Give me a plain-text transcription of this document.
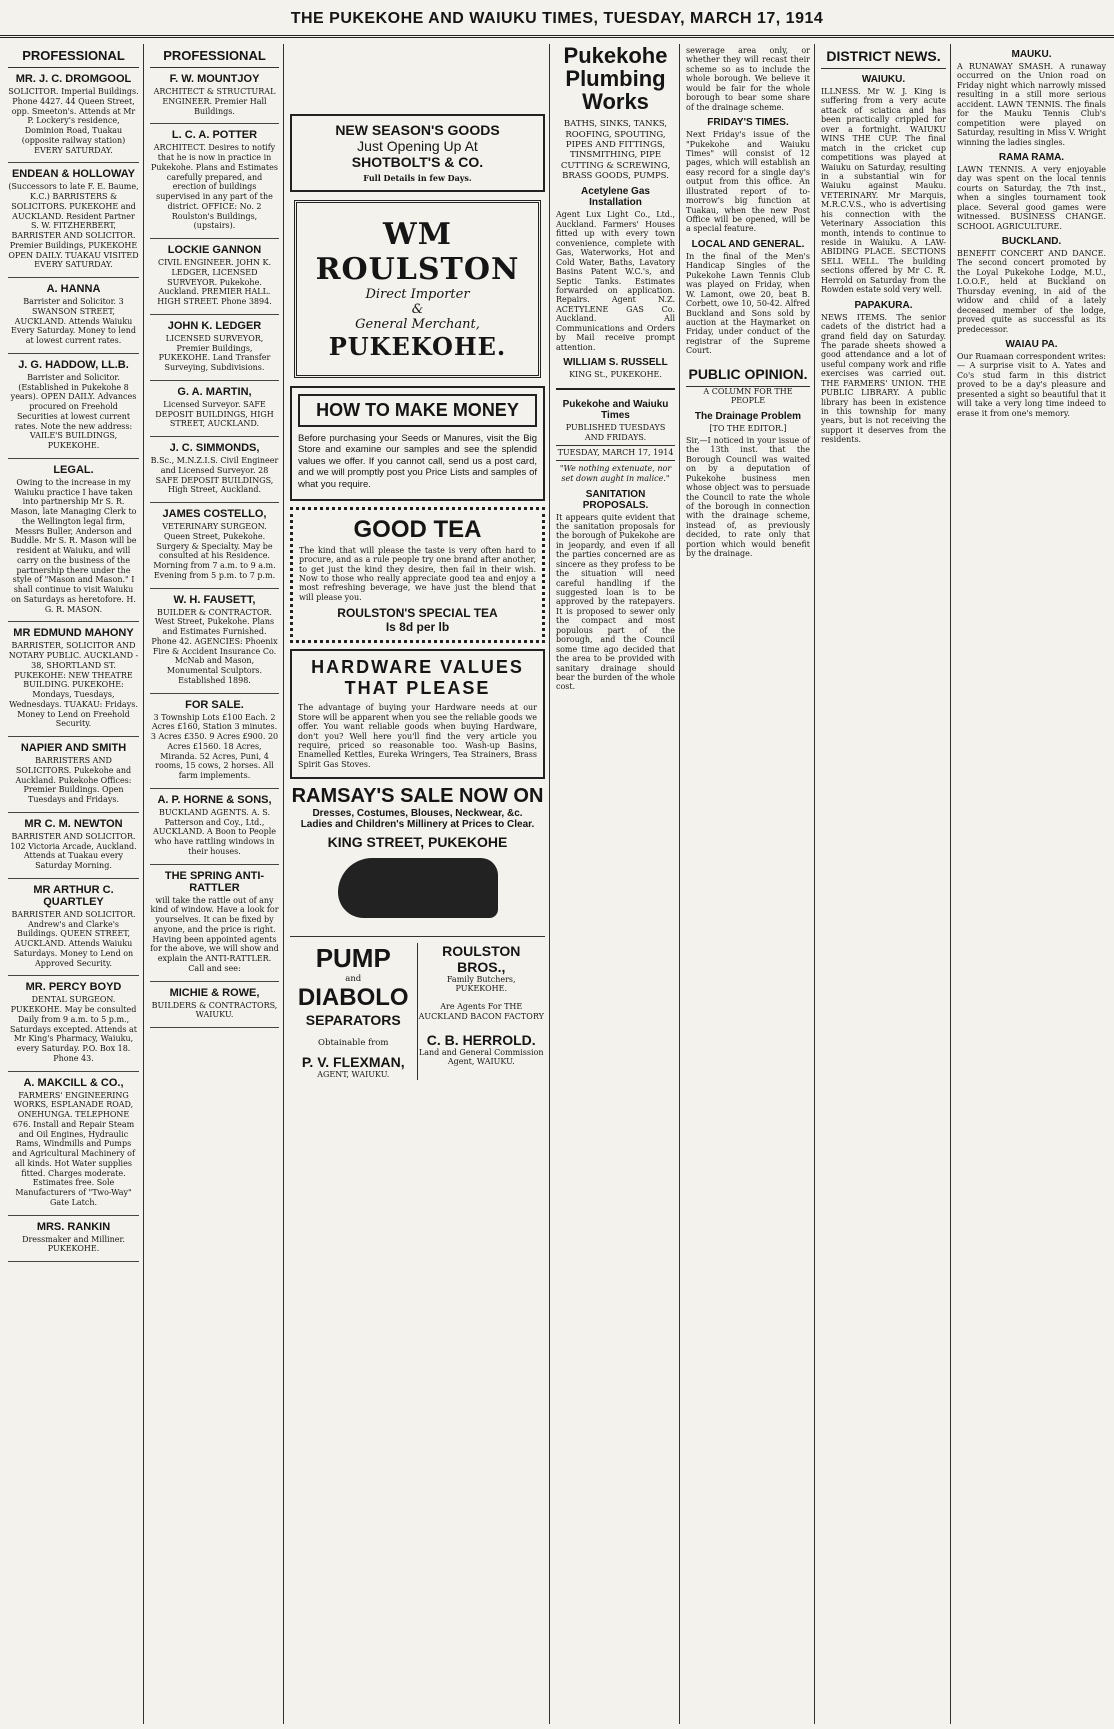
THE PUKEKOHE AND WAIUKU TIMES, TUESDAY, MARCH 17, 1914
PROFESSIONAL
MR. J. C. DROMGOOL

SOLICITOR. Imperial Buildings. Phone 4427. 44 Queen Street, opp. Smeeton's. Attends at Mr P. Lockery's residence, Dominion Road, Tuakau (opposite railway station) EVERY SATURDAY.

ENDEAN & HOLLOWAY

(Successors to late F. E. Baume, K.C.) BARRISTERS & SOLICITORS. PUKEKOHE and AUCKLAND. Resident Partner S. W. FITZHERBERT, BARRISTER AND SOLICITOR. Premier Buildings, PUKEKOHE OPEN DAILY. TUAKAU VISITED EVERY SATURDAY.

A. HANNA

Barrister and Solicitor. 3 SWANSON STREET, AUCKLAND. Attends Waiuku Every Saturday. Money to lend at lowest current rates.

J. G. HADDOW, LL.B.

Barrister and Solicitor. (Established in Pukekohe 8 years). OPEN DAILY. Advances procured on Freehold Securities at lowest current rates. Note the new address: VAILE'S BUILDINGS, PUKEKOHE.

LEGAL.

Owing to the increase in my Waiuku practice I have taken into partnership Mr S. R. Mason, late Managing Clerk to the Wellington legal firm, Messrs Buller, Anderson and Buddle. Mr S. R. Mason will be resident at Waiuku, and will carry on the business of the partnership there under the style of "Mason and Mason." I shall continue to visit Waiuku on Saturdays as heretofore. H. G. R. MASON.

MR EDMUND MAHONY

BARRISTER, SOLICITOR AND NOTARY PUBLIC. AUCKLAND - 38, SHORTLAND ST. PUKEKOHE: NEW THEATRE BUILDING. PUKEKOHE: Mondays, Tuesdays, Wednesdays. TUAKAU: Fridays. Money to Lend on Freehold Security.

NAPIER AND SMITH

BARRISTERS AND SOLICITORS. Pukekohe and Auckland. Pukekohe Offices: Premier Buildings. Open Tuesdays and Fridays.

MR C. M. NEWTON

BARRISTER AND SOLICITOR. 102 Victoria Arcade, Auckland. Attends at Tuakau every Saturday Morning.

MR ARTHUR C. QUARTLEY

BARRISTER AND SOLICITOR. Andrew's and Clarke's Buildings. QUEEN STREET, AUCKLAND. Attends Waiuku Saturdays. Money to Lend on Approved Security.

MR. PERCY BOYD

DENTAL SURGEON. PUKEKOHE. May be consulted Daily from 9 a.m. to 5 p.m., Saturdays excepted. Attends at Mr King's Pharmacy, Waiuku, every Saturday. P.O. Box 18. Phone 43.

A. MAKCILL & CO.,

FARMERS' ENGINEERING WORKS, ESPLANADE ROAD, ONEHUNGA. TELEPHONE 676. Install and Repair Steam and Oil Engines, Hydraulic Rams, Windmills and Pumps and Agricultural Machinery of all kinds. Hot Water supplies fitted. Charges moderate. Estimates free. Sole Manufacturers of "Two-Way" Gate Latch.

MRS. RANKIN

Dressmaker and Milliner. PUKEKOHE.

PROFESSIONAL
F. W. MOUNTJOY

ARCHITECT & STRUCTURAL ENGINEER. Premier Hall Buildings.

L. C. A. POTTER

ARCHITECT. Desires to notify that he is now in practice in Pukekohe. Plans and Estimates carefully prepared, and erection of buildings supervised in any part of the district. OFFICE: No. 2 Roulston's Buildings, (upstairs).

LOCKIE GANNON

CIVIL ENGINEER. JOHN K. LEDGER, LICENSED SURVEYOR. Pukekohe. Auckland. PREMIER HALL. HIGH STREET. Phone 3894.

JOHN K. LEDGER

LICENSED SURVEYOR, Premier Buildings, PUKEKOHE. Land Transfer Surveying, Subdivisions.

G. A. MARTIN,

Licensed Surveyor. SAFE DEPOSIT BUILDINGS, HIGH STREET, AUCKLAND.

J. C. SIMMONDS,

B.Sc., M.N.Z.I.S. Civil Engineer and Licensed Surveyor. 28 SAFE DEPOSIT BUILDINGS, High Street, Auckland.

JAMES COSTELLO,

VETERINARY SURGEON. Queen Street, Pukekohe. Surgery & Specialty. May be consulted at his Residence. Morning from 7 a.m. to 9 a.m. Evening from 5 p.m. to 7 p.m.

W. H. FAUSETT,

BUILDER & CONTRACTOR. West Street, Pukekohe. Plans and Estimates Furnished. Phone 42. AGENCIES: Phoenix Fire & Accident Insurance Co. McNab and Mason, Monumental Sculptors. Established 1898.

FOR SALE.

3 Township Lots £100 Each. 2 Acres £160, Station 3 minutes. 3 Acres £350. 9 Acres £900. 20 Acres £1560. 18 Acres, Miranda. 52 Acres, Puni, 4 rooms, 15 cows, 2 horses. All farm implements.

A. P. HORNE & SONS,

BUCKLAND AGENTS. A. S. Patterson and Coy., Ltd., AUCKLAND. A Boon to People who have rattling windows in their houses.

THE SPRING ANTI-RATTLER

will take the rattle out of any kind of window. Have a look for yourselves. It can be fixed by anyone, and the price is right. Having been appointed agents for the above, we will show and explain the ANTI-RATTLER. Call and see:

MICHIE & ROWE,

BUILDERS & CONTRACTORS, WAIUKU.

NEW SEASON'S GOODS
Just Opening Up At
SHOTBOLT'S & CO.
Full Details in few Days.
WM ROULSTON
Direct Importer
&
General Merchant,
PUKEKOHE.
HOW TO MAKE MONEY

Before purchasing your Seeds or Manures, visit the Big Store and examine our samples and see the splendid values we offer. If you cannot call, send us a post card, and we will promptly post you Price Lists and samples of what you require.

GOOD TEA

The kind that will please the taste is very often hard to procure, and as a rule people try one brand after another, to get just the kind they desire, then fail in their wish. Now to those who really appreciate good tea and enjoy a most refreshing beverage, we have just the blend that will please you.

ROULSTON'S SPECIAL TEA
Is 8d per lb
HARDWARE VALUES THAT PLEASE

The advantage of buying your Hardware needs at our Store will be apparent when you see the reliable goods we offer. You want reliable goods when buying Hardware, don't you? Well here you'll find the very article you require, priced so reasonable too. Wash-up Basins, Enamelled Kettles, Eureka Wringers, Tea Strainers, Brass Spirit Gas Stoves.

RAMSAY'S SALE NOW ON
Dresses, Costumes, Blouses, Neckwear, &c.
Ladies and Children's Millinery at Prices to Clear.
KING STREET, PUKEKOHE
PUMP
and
DIABOLO
SEPARATORS
Obtainable from
P. V. FLEXMAN,
AGENT, WAIUKU.
ROULSTON BROS.,
Family Butchers,
PUKEKOHE.
Are Agents For THE AUCKLAND BACON FACTORY
C. B. HERROLD.
Land and General Commission Agent, WAIUKU.
Pukekohe Plumbing Works

BATHS, SINKS, TANKS, ROOFING, SPOUTING, PIPES AND FITTINGS, TINSMITHING, PIPE CUTTING & SCREWING, BRASS GOODS, PUMPS.

Acetylene Gas Installation

Agent Lux Light Co., Ltd., Auckland. Farmers' Houses fitted up with every town convenience, complete with Gas, Waterworks, Hot and Cold Water, Baths, Lavatory Basins Patent W.C.'s, and Septic Tanks. Estimates forwarded on application. Repairs. Agent N.Z. ACETYLENE GAS Co. Auckland. All Communications and Orders by Mail receive prompt attention.

WILLIAM S. RUSSELL
KING St., PUKEKOHE.
Pukekohe and Waiuku Times
PUBLISHED TUESDAYS AND FRIDAYS.
TUESDAY, MARCH 17, 1914
"We nothing extenuate, nor set down aught in malice."
SANITATION PROPOSALS.

It appears quite evident that the sanitation proposals for the borough of Pukekohe are in jeopardy, and even if all the parties concerned are as sincere as they profess to be the situation will need careful handling if the suggested loan is to be approved by the ratepayers. It is proposed to sewer only the compact and most populous part of the borough, and the Council some time ago decided that the area to be provided with sanitary drainage should bear the burden of the whole cost.

sewerage area only, or whether they will recast their scheme so as to include the whole borough. We believe it would be fair for the whole borough to bear some share of the drainage scheme.

FRIDAY'S TIMES.

Next Friday's issue of the "Pukekohe and Waiuku Times" will consist of 12 pages, which will establish an easy record for a single day's output from this office. An illustrated report of to-morrow's big function at Tuakau, when the new Post Office will be opened, will be a special feature.

LOCAL AND GENERAL.

In the final of the Men's Handicap Singles of the Pukekohe Lawn Tennis Club was played on Friday, when W. Lamont, owe 20, beat B. Corbett, owe 10, 50-42. Alfred Buckland and Sons sold by auction at the Haymarket on Friday, under conduct of the registrar of the Supreme Court.

PUBLIC OPINION.
A COLUMN FOR THE PEOPLE
The Drainage Problem
[TO THE EDITOR.]

Sir,—I noticed in your issue of the 13th inst. that the Borough Council was waited on by a deputation of Pukekohe business men whose object was to persuade the Council to rate the whole of the borough in connection with the drainage scheme, instead of, as previously decided, to rate only that portion which would benefit by the drainage.

DISTRICT NEWS.
WAIUKU.

ILLNESS. Mr W. J. King is suffering from a very acute attack of sciatica and has been practically crippled for over a fortnight. WAIUKU WINS THE CUP. The final match in the cricket cup competitions was played at Waiuku on Saturday, resulting in a substantial win for Waiuku against Mauku. VETERINARY. Mr Marquis, M.R.C.V.S., who is advertising his connection with the Veterinary Association this month, intends to continue to reside in Waiuku. A LAW-ABIDING PLACE. SECTIONS SELL WELL. The building sections offered by Mr C. R. Herrold on Saturday from the Rowden estate sold very well.

PAPAKURA.

NEWS ITEMS. The senior cadets of the district had a grand field day on Saturday. The parade sheets showed a good attendance and a lot of useful company work and rifle exercises was carried out. THE FARMERS' UNION. THE PUBLIC LIBRARY. A public library has been in existence in this township for many years, but is not receiving the support it deserves from the residents.

MAUKU.

A RUNAWAY SMASH. A runaway occurred on the Union road on Friday night which narrowly missed resulting in a still more serious accident. LAWN TENNIS. The finals for the Mauku Tennis Club's competition were played on Saturday, resulting in Miss V. Wright winning the ladies singles.

RAMA RAMA.

LAWN TENNIS. A very enjoyable day was spent on the local tennis courts on Saturday, the 7th inst., when a singles tournament took place. Several good games were witnessed. BUSINESS CHANGE. SCHOOL AGRICULTURE.

BUCKLAND.

BENEFIT CONCERT AND DANCE. The second concert promoted by the Loyal Pukekohe Lodge, M.U., I.O.O.F., held at Buckland on Thursday evening, in aid of the widow and child of a lately deceased member of the lodge, proved quite as successful as its predecessor.

WAIAU PA.

Our Ruamaan correspondent writes:— A surprise visit to A. Yates and Co's stud farm in this district proved to be a day's pleasure and presented a sight so beautiful that it will take a very long time indeed to erase it from one's memory.
